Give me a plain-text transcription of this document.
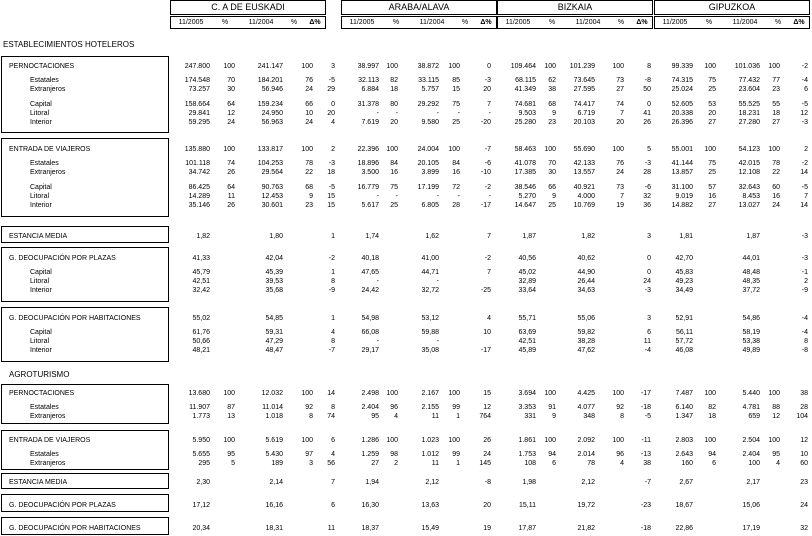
C. A DE EUSKADI
11/2005	%	11/2004	%	Δ%
ARABA/ALAVA
11/2005	%	11/2004	%	Δ%
BIZKAIA
11/2005	%	11/2004	%	Δ%
GIPUZKOA
11/2005	%	11/2004	%	Δ%
ESTABLECIMIENTOS HOTELEROS
AGROTURISMO
PERNOCTACIONES	247.800	100	241.147	100	3	38.997	100	38.872	100	0	109.464	100	101.239	100	8	99.339	100	101.036	100	-2
Estatales	174.548	70	184.201	76	-5	32.113	82	33.115	85	-3	68.115	62	73.645	73	-8	74.315	75	77.432	77	-4
Extranjeros	73.257	30	56.946	24	29	6.884	18	5.757	15	20	41.349	38	27.595	27	50	25.024	25	23.604	23	6
Capital	158.664	64	159.234	66	0	31.378	80	29.292	75	7	74.681	68	74.417	74	0	52.605	53	55.525	55	-5
Litoral	29.841	12	24.950	10	20	-	-	-	-	-	9.503	9	6.719	7	41	20.338	20	18.231	18	12
Interior	59.295	24	56.963	24	4	7.619	20	9.580	25	-20	25.280	23	20.103	20	26	26.396	27	27.280	27	-3
ENTRADA DE VIAJEROS	135.880	100	133.817	100	2	22.396	100	24.004	100	-7	58.463	100	55.690	100	5	55.001	100	54.123	100	2
Estatales	101.118	74	104.253	78	-3	18.896	84	20.105	84	-6	41.078	70	42.133	76	-3	41.144	75	42.015	78	-2
Extranjeros	34.742	26	29.564	22	18	3.500	16	3.899	16	-10	17.385	30	13.557	24	28	13.857	25	12.108	22	14
Capital	86.425	64	90.763	68	-5	16.779	75	17.199	72	-2	38.546	66	40.921	73	-6	31.100	57	32.643	60	-5
Litoral	14.289	11	12.453	9	15	-	-	-	-	-	5.270	9	4.000	7	32	9.019	16	8.453	16	7
Interior	35.146	26	30.601	23	15	5.617	25	6.805	28	-17	14.647	25	10.769	19	36	14.882	27	13.027	24	14
ESTANCIA MEDIA	1,82	1,80	1	1,74	1,62	7	1,87	1,82	3	1,81	1,87	-3
G. DEOCUPACIÓN POR PLAZAS	41,33	42,04	-2	40,18	41,00	-2	40,56	40,62	0	42,70	44,01	-3
Capital	45,79	45,39	1	47,65	44,71	7	45,02	44,90	0	45,83	48,48	-1
Litoral	42,51	39,53	8	-	-	32,89	26,44	24	49,23	48,35	2
Interior	32,42	35,68	-9	24,42	32,72	-25	33,64	34,63	-3	34,49	37,72	-9
G. DEOCUPACIÓN POR HABITACIONES	55,02	54,85	1	54,98	53,12	4	55,71	55,06	3	52,91	54,86	-4
Capital	61,76	59,31	4	66,08	59,88	10	63,69	59,82	6	56,11	58,19	-4
Litoral	50,66	47,29	8	-	-	42,51	38,28	11	57,72	53,38	8
Interior	48,21	48,47	-7	29,17	35,08	-17	45,89	47,62	-4	46,08	49,89	-8
PERNOCTACIONES	13.680	100	12.032	100	14	2.498	100	2.167	100	15	3.694	100	4.425	100	-17	7.487	100	5.440	100	38
Estatales	11.907	87	11.014	92	8	2.404	96	2.155	99	12	3.353	91	4.077	92	-18	6.140	82	4.781	88	28
Extranjeros	1.773	13	1.018	8	74	95	4	11	1	764	331	9	348	8	-5	1.347	18	659	12	104
ENTRADA DE VIAJEROS	5.950	100	5.619	100	6	1.286	100	1.023	100	26	1.861	100	2.092	100	-11	2.803	100	2.504	100	12
Estatales	5.655	95	5.430	97	4	1.259	98	1.012	99	24	1.753	94	2.014	96	-13	2.643	94	2.404	95	10
Extranjeros	295	5	189	3	56	27	2	11	1	145	108	6	78	4	38	160	6	100	4	60
ESTANCIA MEDIA	2,30	2,14	7	1,94	2,12	-8	1,98	2,12	-7	2,67	2,17	23
G. DEOCUPACIÓN POR PLAZAS	17,12	16,16	6	16,30	13,63	20	15,11	19,72	-23	18,67	15,06	24
G. DEOCUPACIÓN POR HABITACIONES	20,34	18,31	11	18,37	15,49	19	17,87	21,82	-18	22,86	17,19	32
